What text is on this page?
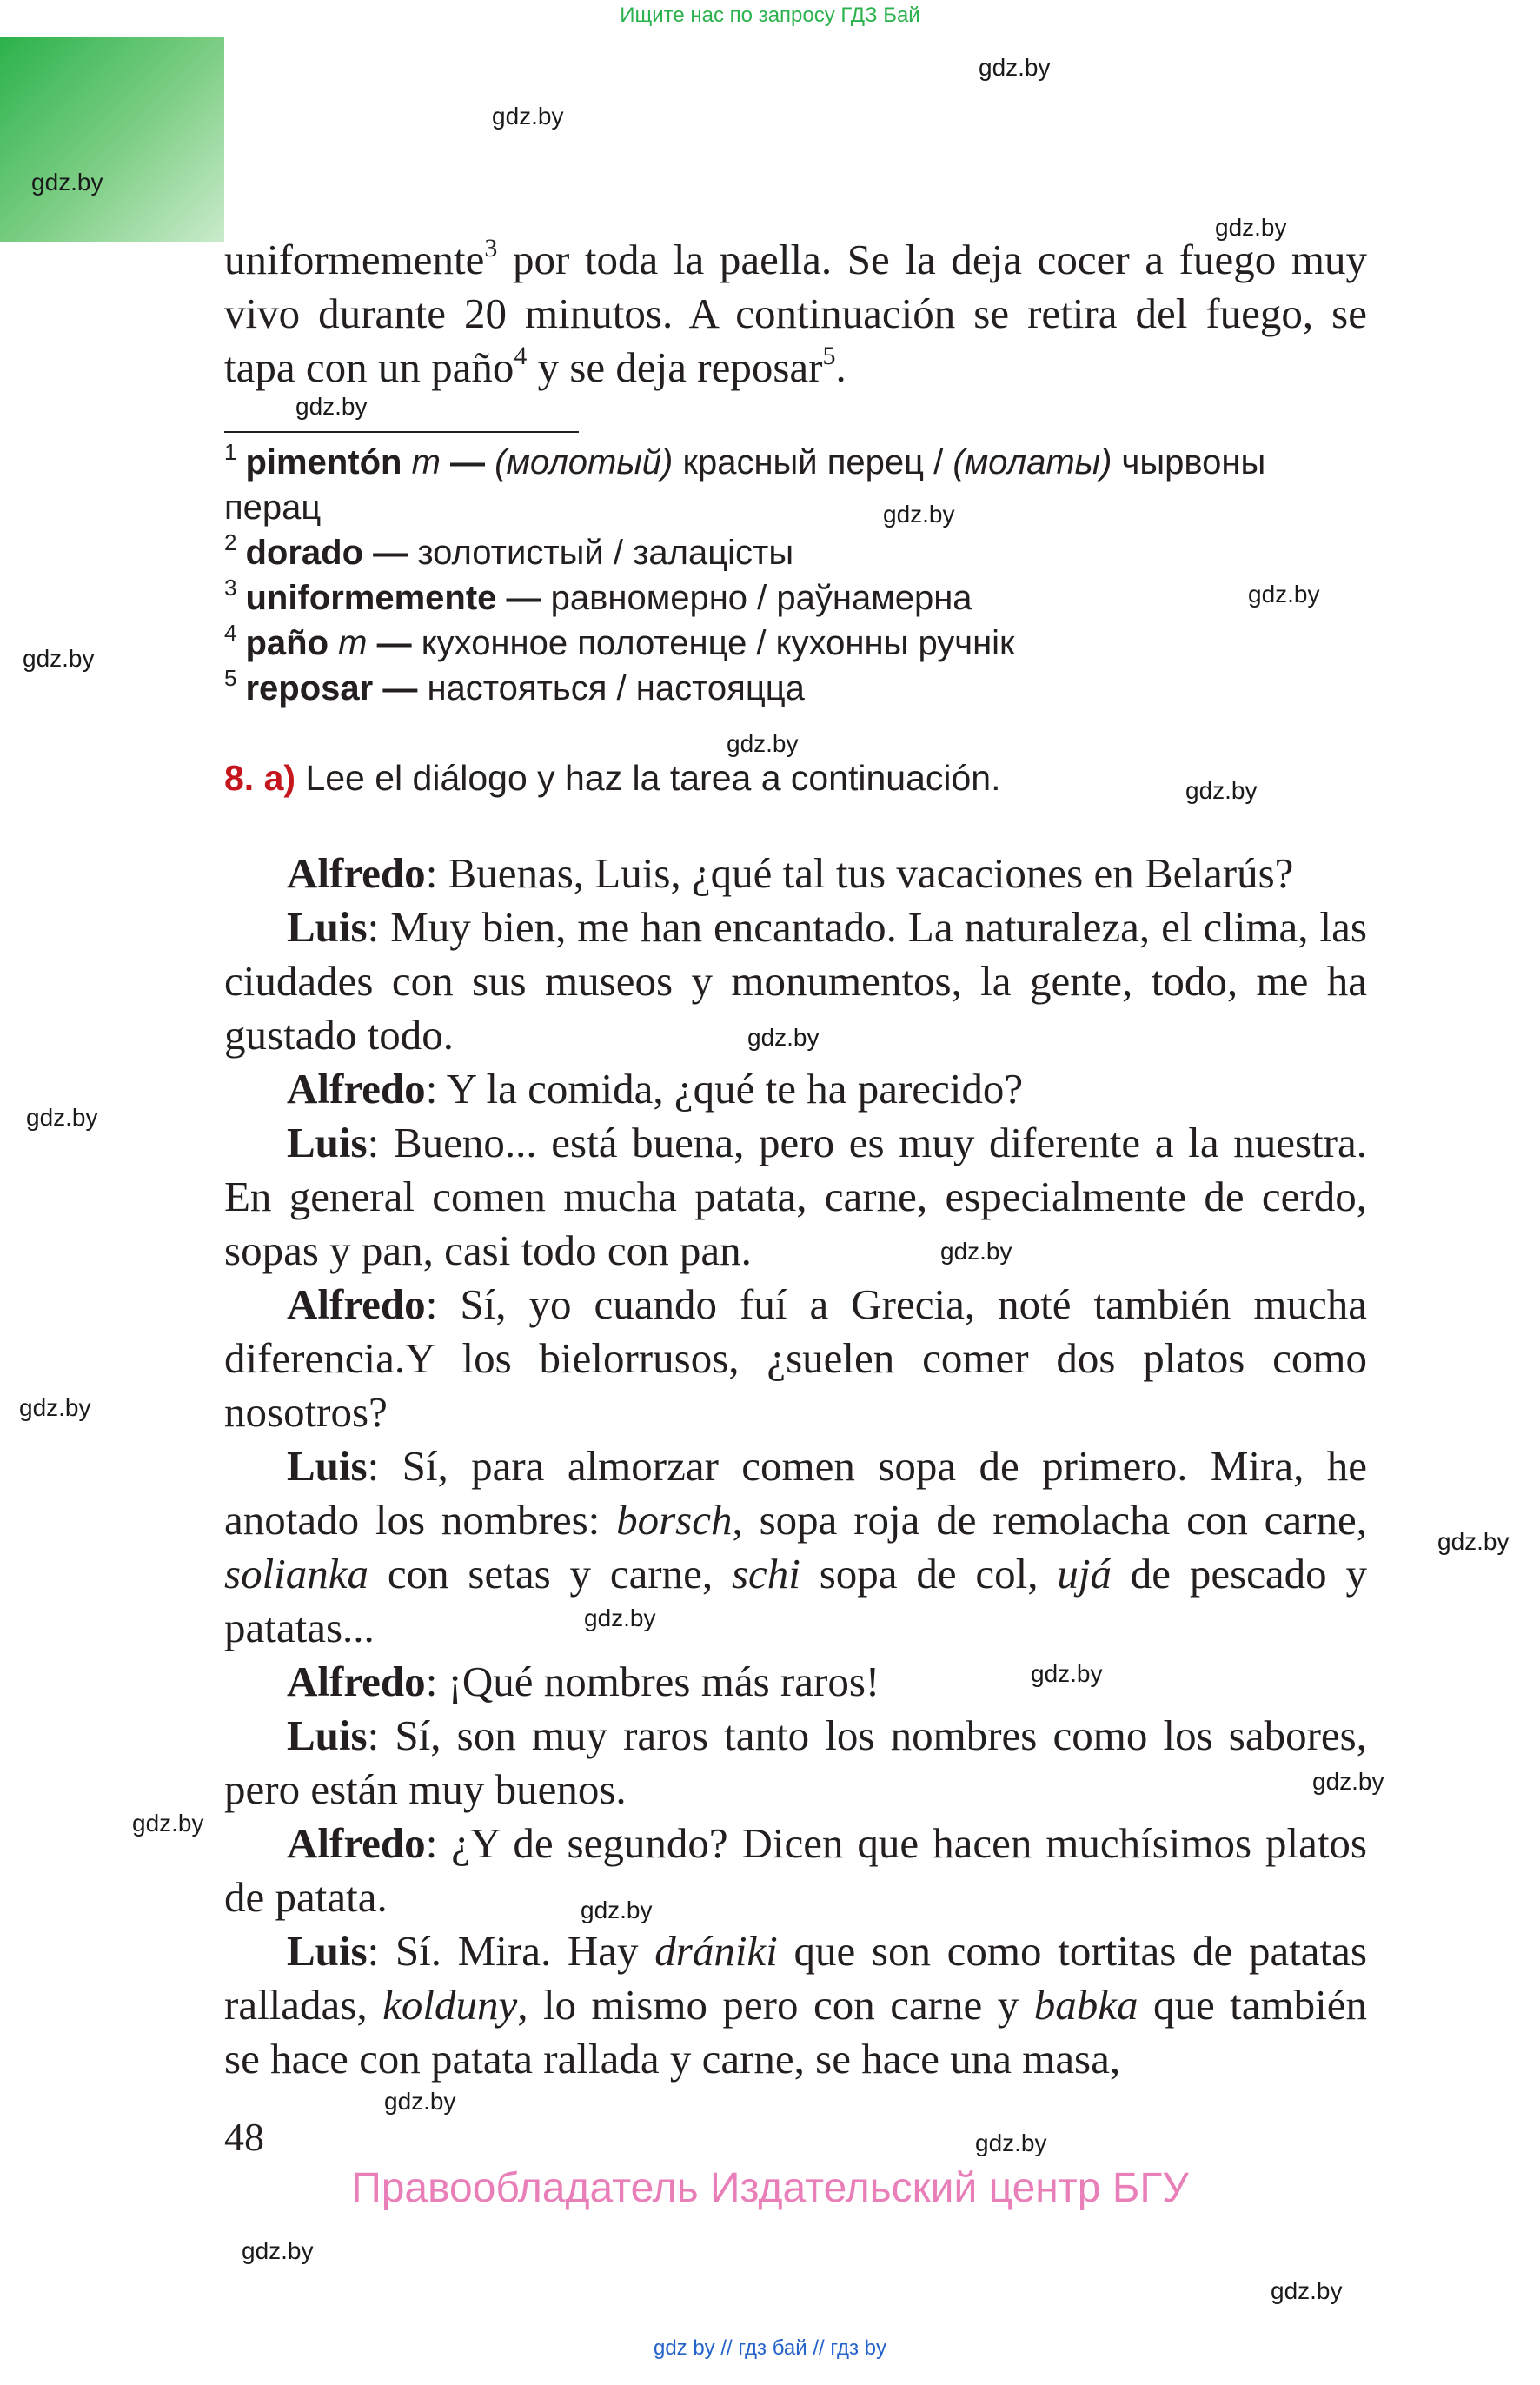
Ищите нас по запросу ГДЗ Бай
gdz.by
gdz.by
gdz.by
gdz.by
gdz.by
gdz.by
gdz.by
gdz.by
gdz.by
gdz.by
gdz.by
gdz.by
gdz.by
gdz.by
gdz.by
gdz.by
gdz.by
gdz.by
gdz.by
gdz.by
gdz.by
gdz.by
gdz.by
gdz.by

uniformemente$^3$ por toda la paella. Se la deja cocer a fuego muy vivo durante 20 minutos. A continuación se retira del fuego, se tapa con un paño$^4$ y se deja reposar$^5$.

$^1$ pimentón m — (молотый) красный перец / (молаты) чырвоны перац
$^2$ dorado — золотистый / залацісты
$^3$ uniformemente — равномерно / раўнамерна
$^4$ paño m — кухонное полотенце / кухонны ручнік
$^5$ reposar — настояться / настояцца
8. а) Lee el diálogo y haz la tarea a continuación.

Alfredo: Buenas, Luis, ¿qué tal tus vacaciones en Belarús?

Luis: Muy bien, me han encantado. La naturaleza, el clima, las ciudades con sus museos y monumentos, la gente, todo, me ha gustado todo.

Alfredo: Y la comida, ¿qué te ha parecido?

Luis: Bueno... está buena, pero es muy diferente a la nuestra. En general comen mucha patata, carne, especialmente de cerdo, sopas y pan, casi todo con pan.

Alfredo: Sí, yo cuando fuí a Grecia, noté también mucha diferencia.Y los bielorrusos, ¿suelen comer dos platos como nosotros?

Luis: Sí, para almorzar comen sopa de primero. Mira, he anotado los nombres: borsch, sopa roja de remolacha con carne, solianka con setas y carne, schi sopa de col, ujá de pescado y patatas...

Alfredo: ¡Qué nombres más raros!

Luis: Sí, son muy raros tanto los nombres como los sabores, pero están muy buenos.

Alfredo: ¿Y de segundo? Dicen que hacen muchísimos platos de patata.

Luis: Sí. Mira. Hay dránіki que son como tortitas de patatas ralladas, kolduny, lo mismo pero con carne y babka que también se hace con patata rallada y carne, se hace una masa,

48
Правообладатель Издательский центр БГУ
gdz by // гдз бай // гдз by
